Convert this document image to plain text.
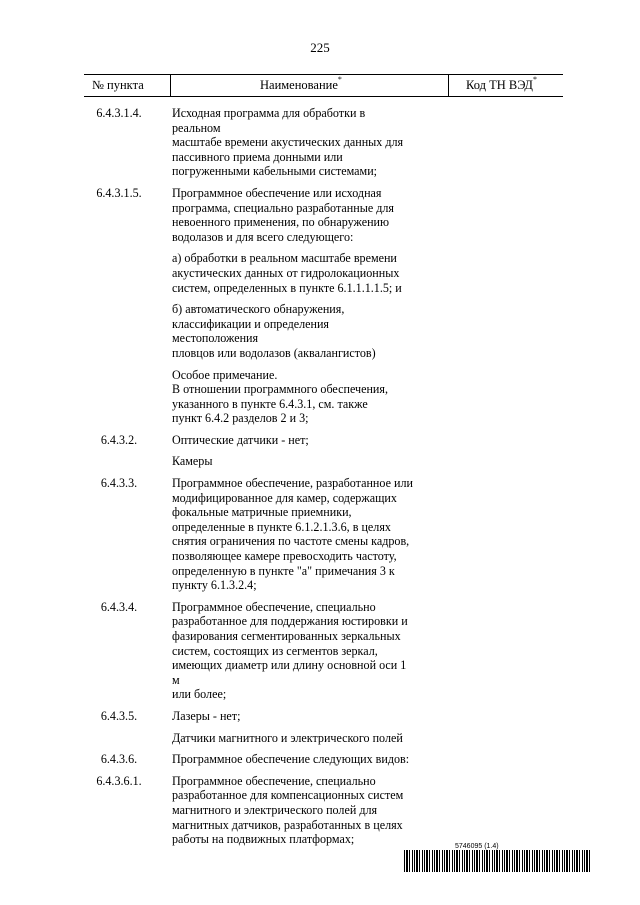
225
№ пункта	Наименование*	Код ТН ВЭД*
6.4.3.1.4.	Исходная программа для обработки в реальном
масштабе времени акустических данных для
пассивного приема донными или
погруженными кабельными системами;
6.4.3.1.5.	Программное обеспечение или исходная
программа, специально разработанные для
невоенного применения, по обнаружению
водолазов и для всего следующего:
а) обработки в реальном масштабе времени
акустических данных от гидролокационных
систем, определенных в пункте 6.1.1.1.1.5; и
б) автоматического обнаружения,
классификации и определения местоположения
пловцов или водолазов (аквалангистов)
Особое примечание.
В отношении программного обеспечения,
указанного в пункте 6.4.3.1, см. также
пункт 6.4.2 разделов 2 и 3;
6.4.3.2.	Оптические датчики - нет;
Камеры
6.4.3.3.	Программное обеспечение, разработанное или
модифицированное для камер, содержащих
фокальные матричные приемники,
определенные в пункте 6.1.2.1.3.6, в целях
снятия ограничения по частоте смены кадров,
позволяющее камере превосходить частоту,
определенную в пункте "а" примечания 3 к
пункту 6.1.3.2.4;
6.4.3.4.	Программное обеспечение, специально
разработанное для поддержания юстировки и
фазирования сегментированных зеркальных
систем, состоящих из сегментов зеркал,
имеющих диаметр или длину основной оси 1 м
или более;
6.4.3.5.	Лазеры - нет;
Датчики магнитного и электрического полей
6.4.3.6.	Программное обеспечение следующих видов:
6.4.3.6.1.	Программное обеспечение, специально
разработанное для компенсационных систем
магнитного и электрического полей для
магнитных датчиков, разработанных в целях
работы на подвижных платформах;
5746095 (1.4)
